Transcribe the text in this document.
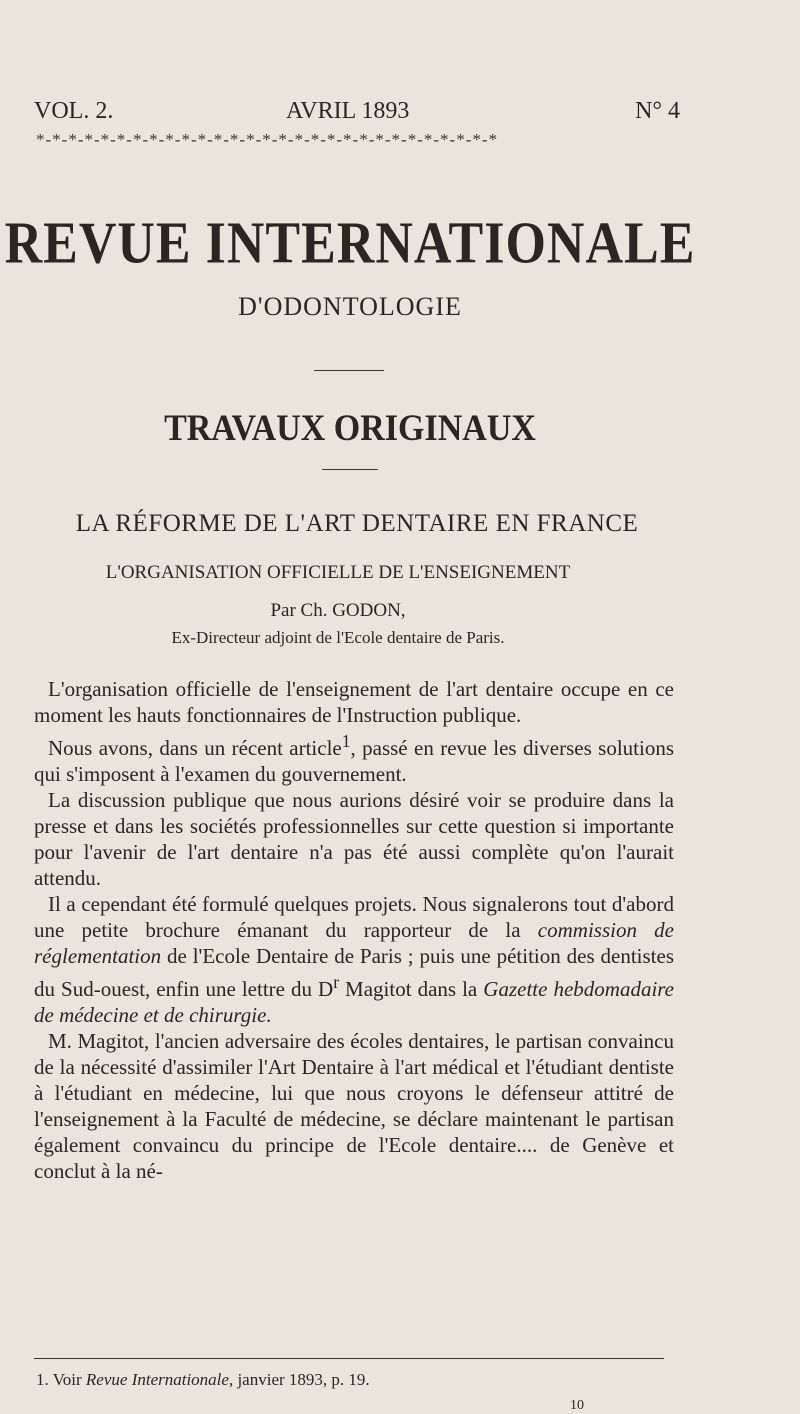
VOL. 2.	AVRIL 1893	N° 4
*-*-*-*-*-*-*-*-*-*-*-*-*-*-*-*-*-*-*-*-*-*-*-*-*-*-*-*-*
REVUE INTERNATIONALE
D'ODONTOLOGIE
TRAVAUX ORIGINAUX
LA RÉFORME DE L'ART DENTAIRE EN FRANCE
L'ORGANISATION OFFICIELLE DE L'ENSEIGNEMENT
Par Ch. GODON,
Ex-Directeur adjoint de l'Ecole dentaire de Paris.

L'organisation officielle de l'enseignement de l'art dentaire occupe en ce moment les hauts fonctionnaires de l'Instruction publique.

Nous avons, dans un récent article$^1$, passé en revue les diverses solutions qui s'imposent à l'examen du gouvernement.

La discussion publique que nous aurions désiré voir se produire dans la presse et dans les sociétés professionnelles sur cette question si importante pour l'avenir de l'art dentaire n'a pas été aussi complète qu'on l'aurait attendu.

Il a cependant été formulé quelques projets. Nous signalerons tout d'abord une petite brochure émanant du rapporteur de la commission de réglementation de l'Ecole Dentaire de Paris ; puis une pétition des dentistes du Sud-ouest, enfin une lettre du $D^r$ Magitot dans la Gazette hebdomadaire de médecine et de chirurgie.

M. Magitot, l'ancien adversaire des écoles dentaires, le partisan convaincu de la nécessité d'assimiler l'Art Dentaire à l'art médical et l'étudiant dentiste à l'étudiant en médecine, lui que nous croyons le défenseur attitré de l'enseignement à la Faculté de médecine, se déclare maintenant le partisan également convaincu du principe de l'Ecole dentaire.... de Genève et conclut à la né-

1. Voir Revue Internationale, janvier 1893, p. 19.
10
